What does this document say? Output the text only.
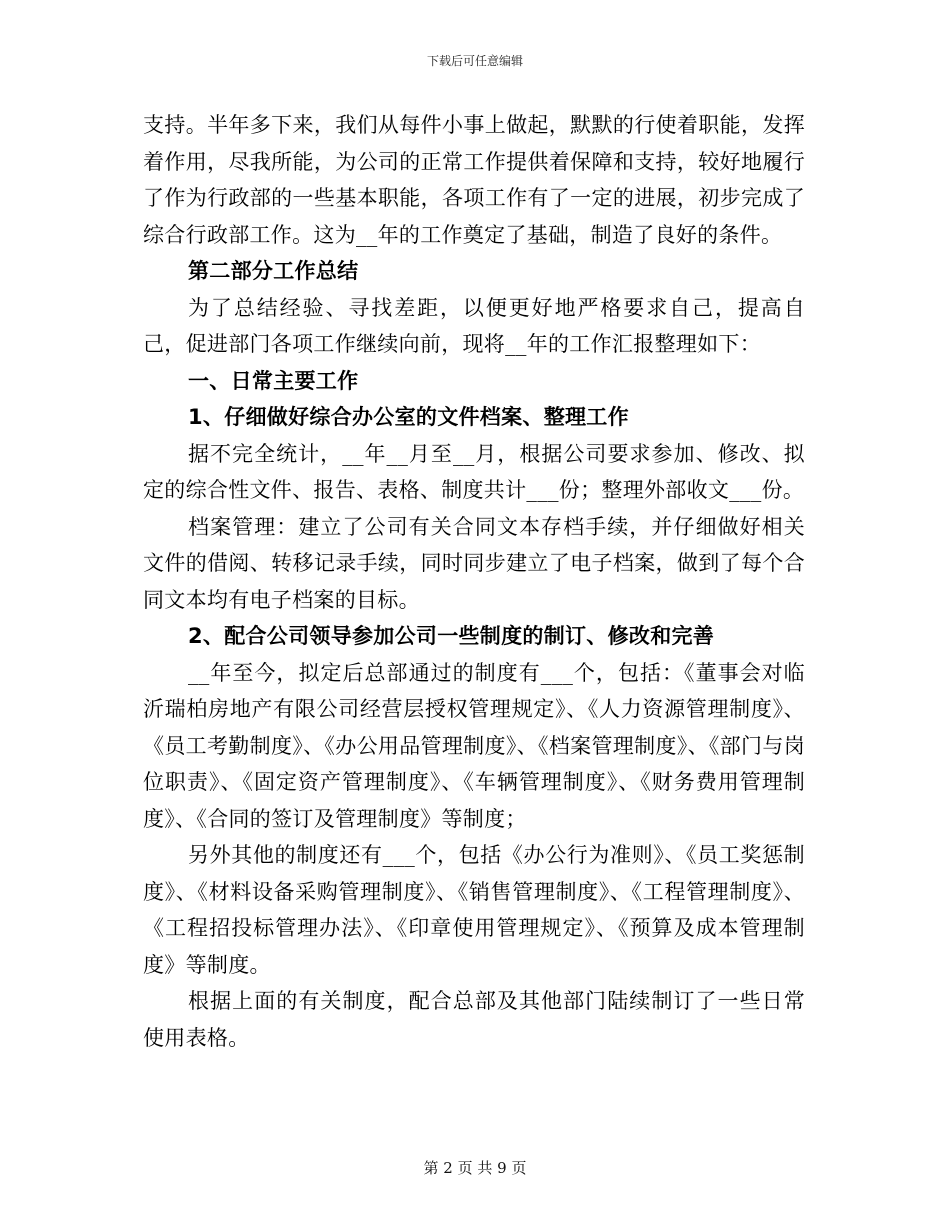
下载后可任意编辑

支持。半年多下来，我们从每件小事上做起，默默的行使着职能，发挥着作用，尽我所能，为公司的正常工作提供着保障和支持，较好地履行了作为行政部的一些基本职能，各项工作有了一定的进展，初步完成了综合行政部工作。这为__年的工作奠定了基础，制造了良好的条件。

第二部分工作总结

为了总结经验、寻找差距，以便更好地严格要求自己，提高自己，促进部门各项工作继续向前，现将__年的工作汇报整理如下：

一、日常主要工作

1、仔细做好综合办公室的文件档案、整理工作

据不完全统计，__年__月至__月，根据公司要求参加、修改、拟定的综合性文件、报告、表格、制度共计___份；整理外部收文___份。

档案管理：建立了公司有关合同文本存档手续，并仔细做好相关文件的借阅、转移记录手续，同时同步建立了电子档案，做到了每个合同文本均有电子档案的目标。

2、配合公司领导参加公司一些制度的制订、修改和完善

__年至今，拟定后总部通过的制度有___个，包括：《董事会对临沂瑞柏房地产有限公司经营层授权管理规定》、《人力资源管理制度》、《员工考勤制度》、《办公用品管理制度》、《档案管理制度》、《部门与岗位职责》、《固定资产管理制度》、《车辆管理制度》、《财务费用管理制度》、《合同的签订及管理制度》等制度；

另外其他的制度还有___个，包括《办公行为准则》、《员工奖惩制度》、《材料设备采购管理制度》、《销售管理制度》、《工程管理制度》、《工程招投标管理办法》、《印章使用管理规定》、《预算及成本管理制度》等制度。

根据上面的有关制度，配合总部及其他部门陆续制订了一些日常使用表格。

第 2 页 共 9 页
